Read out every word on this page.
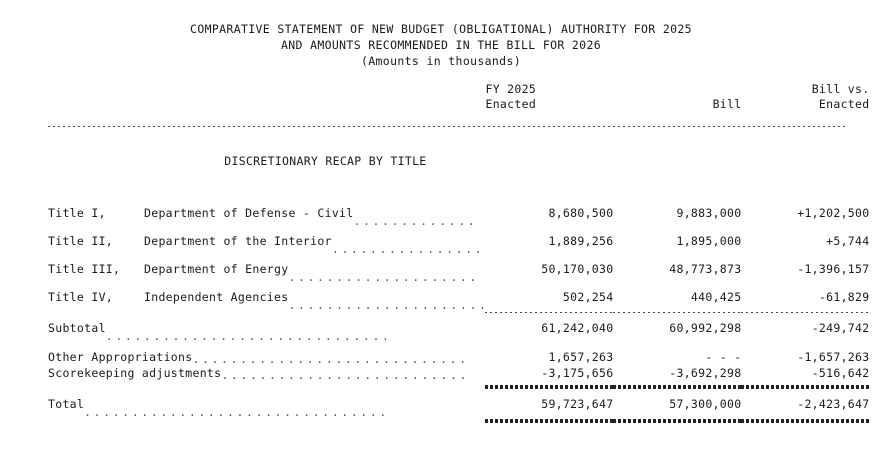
COMPARATIVE STATEMENT OF NEW BUDGET (OBLIGATIONAL) AUTHORITY FOR 2025
AND AMOUNTS RECOMMENDED IN THE BILL FOR 2026
(Amounts in thousands)
		FY 2025				Bill vs.
		Enacted		Bill		Enacted

DISCRETIONARY RECAP BY TITLE			

Title I, Department of Defense - Civil.....		8,680,500		9,883,000		+1,202,500

Title II, Department of the Interior.....		1,889,256		1,895,000		+5,744

Title III, Department of Energy.....		50,170,030		48,773,873		-1,396,157

Title IV, Independent Agencies.....		502,254		440,425		-61,829

Subtotal.....		61,242,040		60,992,298		-249,742

Other Appropriations.....		1,657,263		- - -		-1,657,263
Scorekeeping adjustments.....		-3,175,656		-3,692,298		-516,642

Total.....		59,723,647		57,300,000		-2,423,647
